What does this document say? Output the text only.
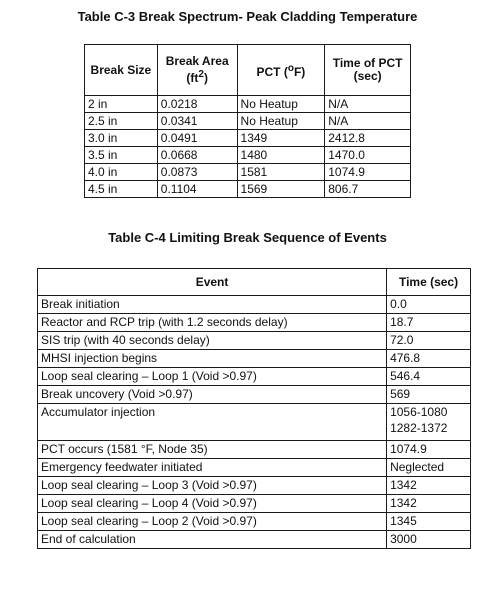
Table C-3 Break Spectrum- Peak Cladding Temperature
Break Size	Break Area $(ft^2)$	PCT ($^o$F)	Time of PCT (sec)
2 in	0.0218	No Heatup	N/A
2.5 in	0.0341	No Heatup	N/A
3.0 in	0.0491	1349	2412.8
3.5 in	0.0668	1480	1470.0
4.0 in	0.0873	1581	1074.9
4.5 in	0.1104	1569	806.7
Table C-4 Limiting Break Sequence of Events
Event	Time (sec)
Break initiation	0.0
Reactor and RCP trip (with 1.2 seconds delay)	18.7
SIS trip (with 40 seconds delay)	72.0
MHSI injection begins	476.8
Loop seal clearing – Loop 1 (Void >0.97)	546.4
Break uncovery (Void >0.97)	569
Accumulator injection	1056-1080
1282-1372
PCT occurs (1581 °F, Node 35)	1074.9
Emergency feedwater initiated	Neglected
Loop seal clearing – Loop 3 (Void >0.97)	1342
Loop seal clearing – Loop 4 (Void >0.97)	1342
Loop seal clearing – Loop 2 (Void >0.97)	1345
End of calculation	3000
